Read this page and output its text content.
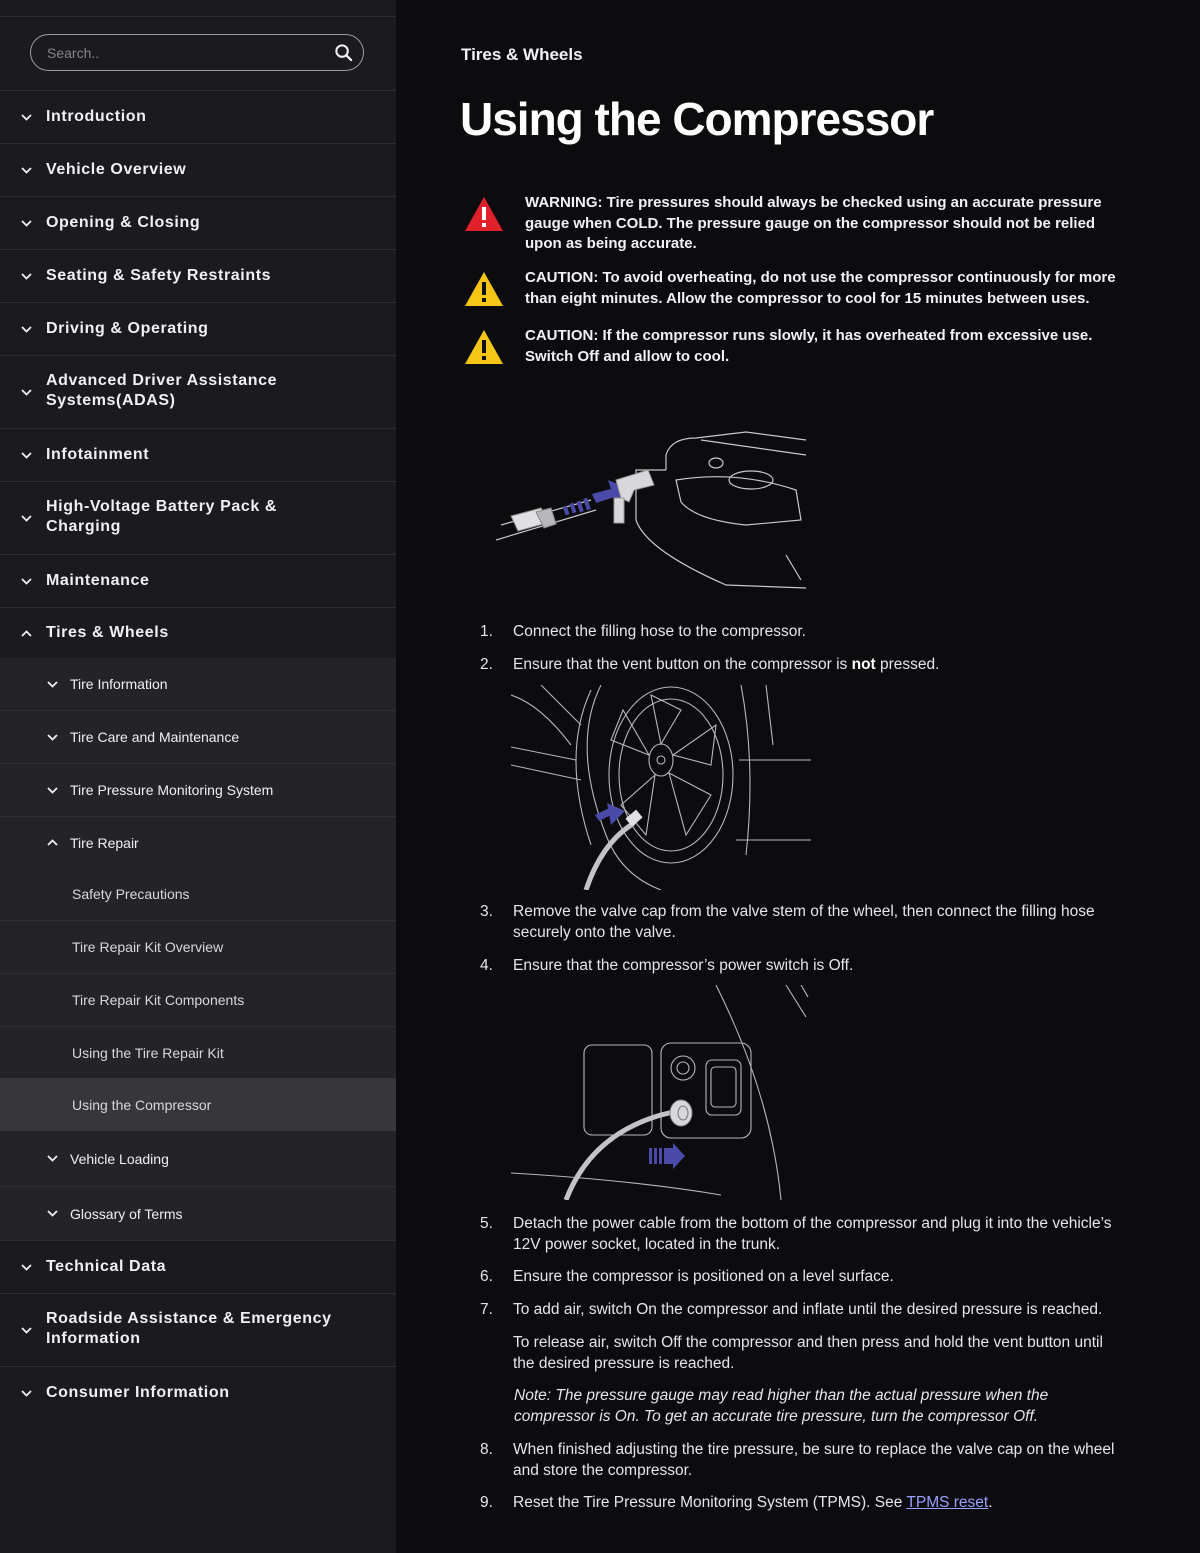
Search..
Introduction
Vehicle Overview
Opening & Closing
Seating & Safety Restraints
Driving & Operating
Advanced Driver Assistance
Systems(ADAS)
Infotainment
High-Voltage Battery Pack &
Charging
Maintenance
Tires & Wheels
Tire Information
Tire Care and Maintenance
Tire Pressure Monitoring System
Tire Repair
Safety Precautions
Tire Repair Kit Overview
Tire Repair Kit Components
Using the Tire Repair Kit
Using the Compressor
Vehicle Loading
Glossary of Terms
Technical Data
Roadside Assistance & Emergency
Information
Consumer Information
Tires & Wheels
Using the Compressor
WARNING: Tire pressures should always be checked using an accurate pressure
gauge when COLD. The pressure gauge on the compressor should not be relied
upon as being accurate.
CAUTION: To avoid overheating, do not use the compressor continuously for more
than eight minutes. Allow the compressor to cool for 15 minutes between uses.
CAUTION: If the compressor runs slowly, it has overheated from excessive use.
Switch Off and allow to cool.
1. Connect the filling hose to the compressor.
2. Ensure that the vent button on the compressor is not pressed.
3. Remove the valve cap from the valve stem of the wheel, then connect the filling hose
securely onto the valve.
4. Ensure that the compressor’s power switch is Off.
5. Detach the power cable from the bottom of the compressor and plug it into the vehicle’s
12V power socket, located in the trunk.
6. Ensure the compressor is positioned on a level surface.
7. To add air, switch On the compressor and inflate until the desired pressure is reached.
To release air, switch Off the compressor and then press and hold the vent button until
the desired pressure is reached.
Note: The pressure gauge may read higher than the actual pressure when the
compressor is On. To get an accurate tire pressure, turn the compressor Off.
8. When finished adjusting the tire pressure, be sure to replace the valve cap on the wheel
and store the compressor.
9. Reset the Tire Pressure Monitoring System (TPMS). See TPMS reset.
